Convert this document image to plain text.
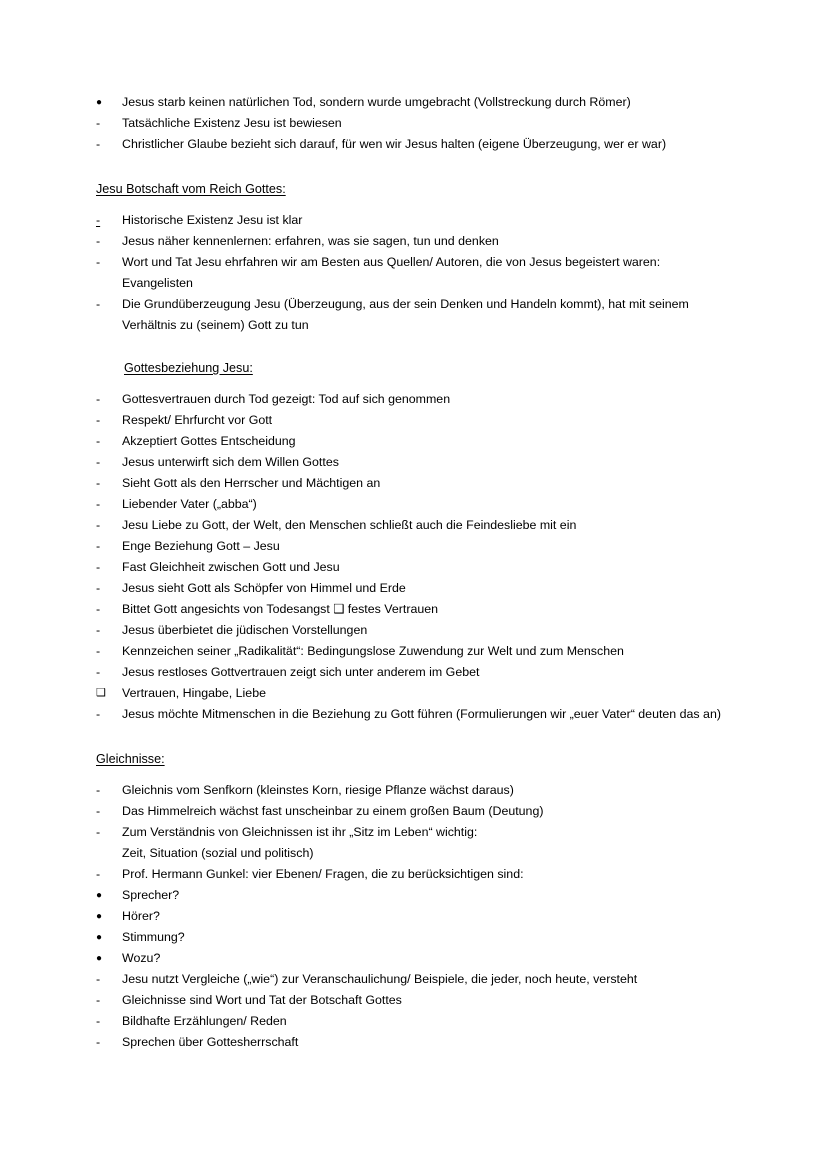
●	Jesus starb keinen natürlichen Tod, sondern wurde umgebracht (Vollstreckung durch Römer)
-	Tatsächliche Existenz Jesu ist bewiesen
-	Christlicher Glaube bezieht sich darauf, für wen wir Jesus halten (eigene Überzeugung, wer er war)
Jesu Botschaft vom Reich Gottes:
-	Historische Existenz Jesu ist klar
-	Jesus näher kennenlernen: erfahren, was sie sagen, tun und denken
-	Wort und Tat Jesu ehrfahren wir am Besten aus Quellen/ Autoren, die von Jesus begeistert waren: Evangelisten
-	Die Grundüberzeugung Jesu (Überzeugung, aus der sein Denken und Handeln kommt), hat mit seinem Verhältnis zu (seinem) Gott zu tun
Gottesbeziehung Jesu:
-	Gottesvertrauen durch Tod gezeigt: Tod auf sich genommen
-	Respekt/ Ehrfurcht vor Gott
-	Akzeptiert Gottes Entscheidung
-	Jesus unterwirft sich dem Willen Gottes
-	Sieht Gott als den Herrscher und Mächtigen an
-	Liebender Vater („abba“)
-	Jesu Liebe zu Gott, der Welt, den Menschen schließt auch die Feindesliebe mit ein
-	Enge Beziehung Gott – Jesu
-	Fast Gleichheit zwischen Gott und Jesu
-	Jesus sieht Gott als Schöpfer von Himmel und Erde
-	Bittet Gott angesichts von Todesangst ❑ festes Vertrauen
-	Jesus überbietet die jüdischen Vorstellungen
-	Kennzeichen seiner „Radikalität“: Bedingungslose Zuwendung zur Welt und zum Menschen
-	Jesus restloses Gottvertrauen zeigt sich unter anderem im Gebet
❑	Vertrauen, Hingabe, Liebe
-	Jesus möchte Mitmenschen in die Beziehung zu Gott führen (Formulierungen wir „euer Vater“ deuten das an)
Gleichnisse:
-	Gleichnis vom Senfkorn (kleinstes Korn, riesige Pflanze wächst daraus)
-	Das Himmelreich wächst fast unscheinbar zu einem großen Baum (Deutung)
-	Zum Verständnis von Gleichnissen ist ihr „Sitz im Leben“ wichtig:
Zeit, Situation (sozial und politisch)
-	Prof. Hermann Gunkel: vier Ebenen/ Fragen, die zu berücksichtigen sind:
●	Sprecher?
●	Hörer?
●	Stimmung?
●	Wozu?
-	Jesu nutzt Vergleiche („wie“) zur Veranschaulichung/ Beispiele, die jeder, noch heute, versteht
-	Gleichnisse sind Wort und Tat der Botschaft Gottes
-	Bildhafte Erzählungen/ Reden
-	Sprechen über Gottesherrschaft
